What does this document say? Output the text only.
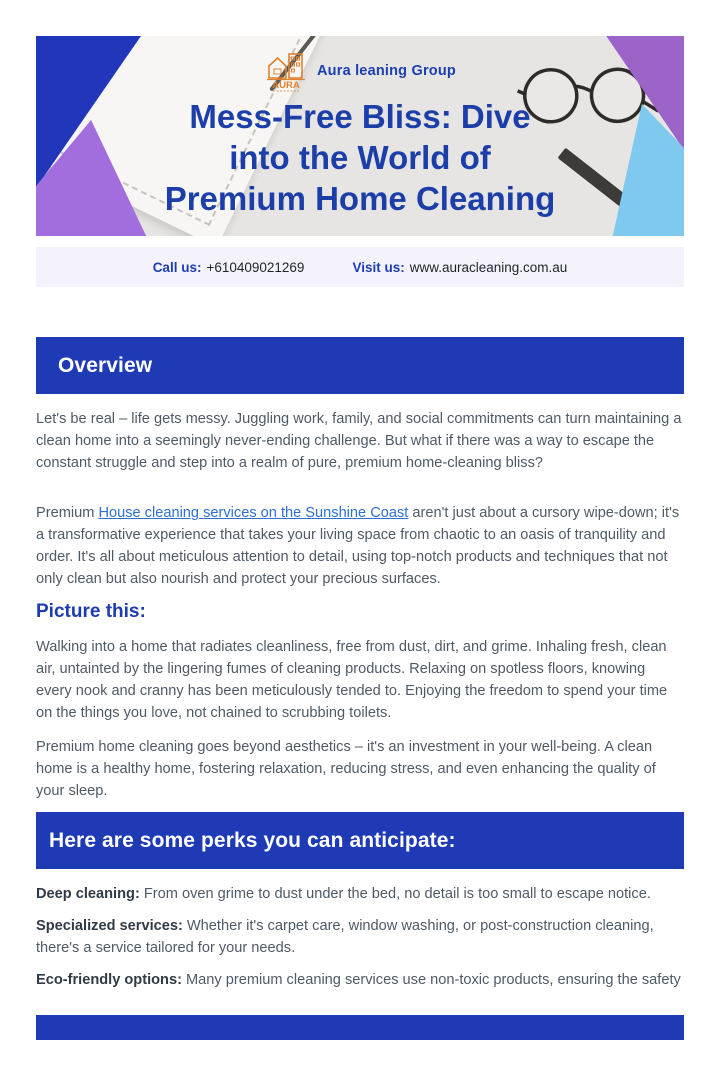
AURA
Aura leaning Group
Mess-Free Bliss: Dive
into the World of
Premium Home Cleaning
Call us: +610409021269	Visit us: www.auracleaning.com.au
Overview

Let's be real – life gets messy. Juggling work, family, and social commitments can turn maintaining a clean home into a seemingly never-ending challenge. But what if there was a way to escape the constant struggle and step into a realm of pure, premium home-cleaning bliss?

Premium House cleaning services on the Sunshine Coast aren't just about a cursory wipe-down; it's a transformative experience that takes your living space from chaotic to an oasis of tranquility and order. It's all about meticulous attention to detail, using top-notch products and techniques that not only clean but also nourish and protect your precious surfaces.

Picture this:

Walking into a home that radiates cleanliness, free from dust, dirt, and grime. Inhaling fresh, clean air, untainted by the lingering fumes of cleaning products. Relaxing on spotless floors, knowing every nook and cranny has been meticulously tended to. Enjoying the freedom to spend your time on the things you love, not chained to scrubbing toilets.

Premium home cleaning goes beyond aesthetics – it's an investment in your well-being. A clean home is a healthy home, fostering relaxation, reducing stress, and even enhancing the quality of your sleep.

Here are some perks you can anticipate:

Deep cleaning: From oven grime to dust under the bed, no detail is too small to escape notice.

Specialized services: Whether it's carpet care, window washing, or post-construction cleaning, there's a service tailored for your needs.

Eco-friendly options: Many premium cleaning services use non-toxic products, ensuring the safety
